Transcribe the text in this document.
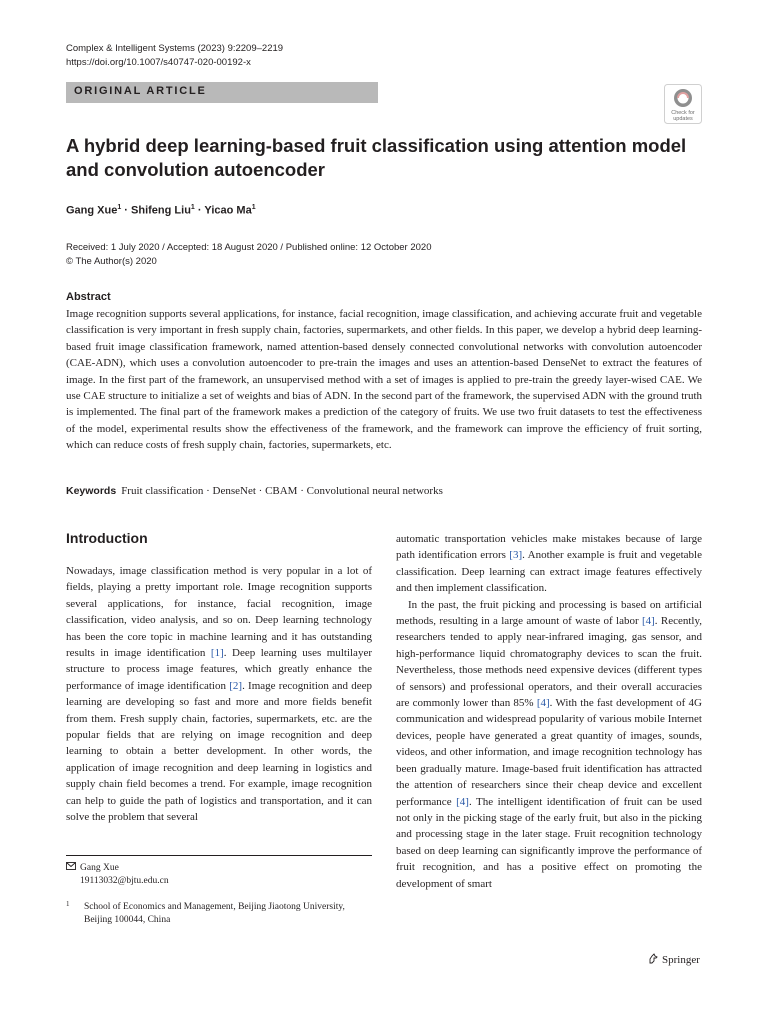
Complex & Intelligent Systems (2023) 9:2209–2219
https://doi.org/10.1007/s40747-020-00192-x
ORIGINAL ARTICLE
Check for
updates
A hybrid deep learning-based fruit classification using attention model and convolution autoencoder
Gang Xue$^1$ · Shifeng Liu$^1$ · Yicao Ma$^1$
Received: 1 July 2020 / Accepted: 18 August 2020 / Published online: 12 October 2020
© The Author(s) 2020
Abstract
Image recognition supports several applications, for instance, facial recognition, image classification, and achieving accurate fruit and vegetable classification is very important in fresh supply chain, factories, supermarkets, and other fields. In this paper, we develop a hybrid deep learning-based fruit image classification framework, named attention-based densely connected convolutional networks with convolution autoencoder (CAE-ADN), which uses a convolution autoencoder to pre-train the images and uses an attention-based DenseNet to extract the features of image. In the first part of the framework, an unsupervised method with a set of images is applied to pre-train the greedy layer-wised CAE. We use CAE structure to initialize a set of weights and bias of ADN. In the second part of the framework, the supervised ADN with the ground truth is implemented. The final part of the framework makes a prediction of the category of fruits. We use two fruit datasets to test the effectiveness of the model, experimental results show the effectiveness of the framework, and the framework can improve the efficiency of fruit sorting, which can reduce costs of fresh supply chain, factories, supermarkets, etc.
Keywords Fruit classification · DenseNet · CBAM · Convolutional neural networks
Introduction

Nowadays, image classification method is very popular in a lot of fields, playing a pretty important role. Image recognition supports several applications, for instance, facial recognition, image classification, video analysis, and so on. Deep learning technology has been the core topic in machine learning and it has outstanding results in image identification [1]. Deep learning uses multilayer structure to process image features, which greatly enhance the performance of image identification [2]. Image recognition and deep learning are developing so fast and more and more fields benefit from them. Fresh supply chain, factories, supermarkets, etc. are the popular fields that are relying on image recognition and deep learning to obtain a better development. In other words, the application of image recognition and deep learning in logistics and supply chain field becomes a trend. For example, image recognition can help to guide the path of logistics and transportation, and it can solve the problem that several

automatic transportation vehicles make mistakes because of large path identification errors [3]. Another example is fruit and vegetable classification. Deep learning can extract image features effectively and then implement classification.

In the past, the fruit picking and processing is based on artificial methods, resulting in a large amount of waste of labor [4]. Recently, researchers tended to apply near-infrared imaging, gas sensor, and high-performance liquid chromatography devices to scan the fruit. Nevertheless, those methods need expensive devices (different types of sensors) and professional operators, and their overall accuracies are commonly lower than 85% [4]. With the fast development of 4G communication and widespread popularity of various mobile Internet devices, people have generated a great quantity of images, sounds, videos, and other information, and image recognition technology has been gradually mature. Image-based fruit identification has attracted the attention of researchers since their cheap device and excellent performance [4]. The intelligent identification of fruit can be used not only in the picking stage of the early fruit, but also in the picking and processing stage in the later stage. Fruit recognition technology based on deep learning can significantly improve the performance of fruit recognition, and has a positive effect on promoting the development of smart

Gang Xue
19113032@bjtu.edu.cn
1	School of Economics and Management, Beijing Jiaotong University, Beijing 100044, China
Springer
